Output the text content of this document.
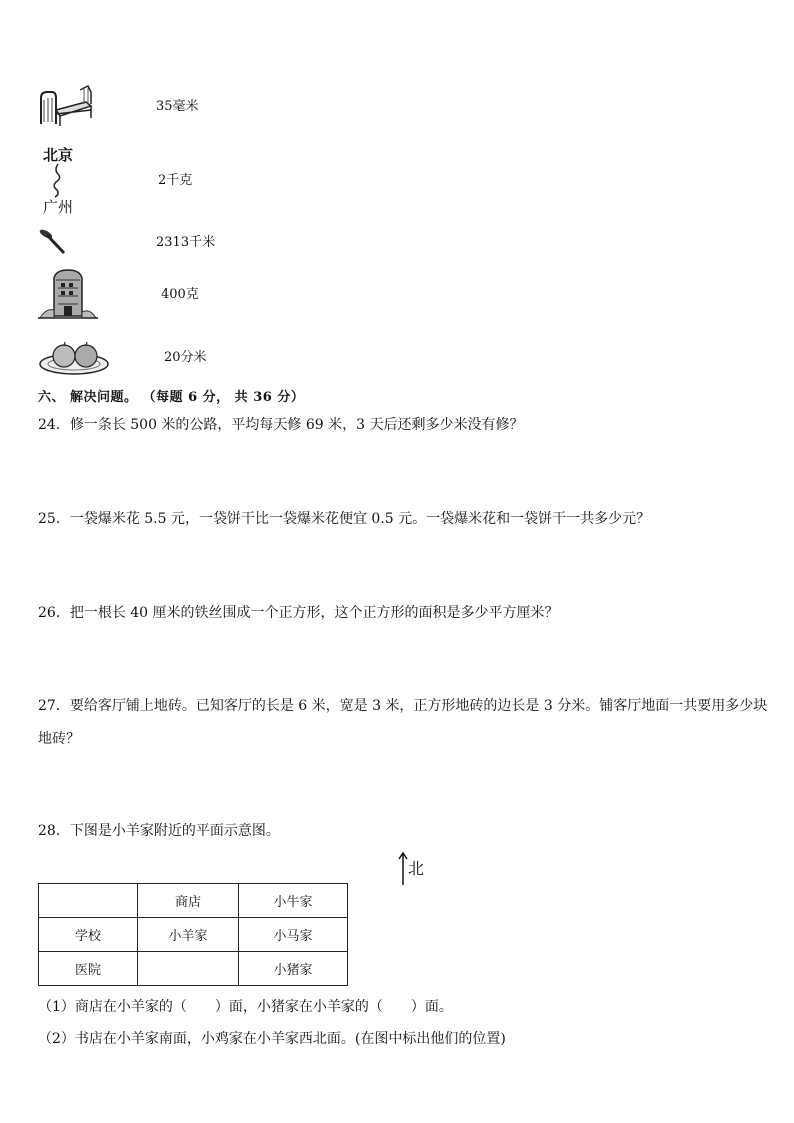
35毫米
北京
广州
2千克
2313千米
400克
20分米
六、 解决问题。 （每题 6 分， 共 36 分）
24．修一条长 500 米的公路，平均每天修 69 米，3 天后还剩多少米没有修？
25．一袋爆米花 5.5 元，一袋饼干比一袋爆米花便宜 0.5 元。一袋爆米花和一袋饼干一共多少元？
26．把一根长 40 厘米的铁丝围成一个正方形，这个正方形的面积是多少平方厘米？
27．要给客厅铺上地砖。已知客厅的长是 6 米，宽是 3 米，正方形地砖的边长是 3 分米。铺客厅地面一共要用多少块
地砖？
28．下图是小羊家附近的平面示意图。
北
	商店	小牛家
学校	小羊家	小马家
医院		小猪家
（1）商店在小羊家的（　　）面，小猪家在小羊家的（　　）面。
（2）书店在小羊家南面，小鸡家在小羊家西北面。(在图中标出他们的位置)
